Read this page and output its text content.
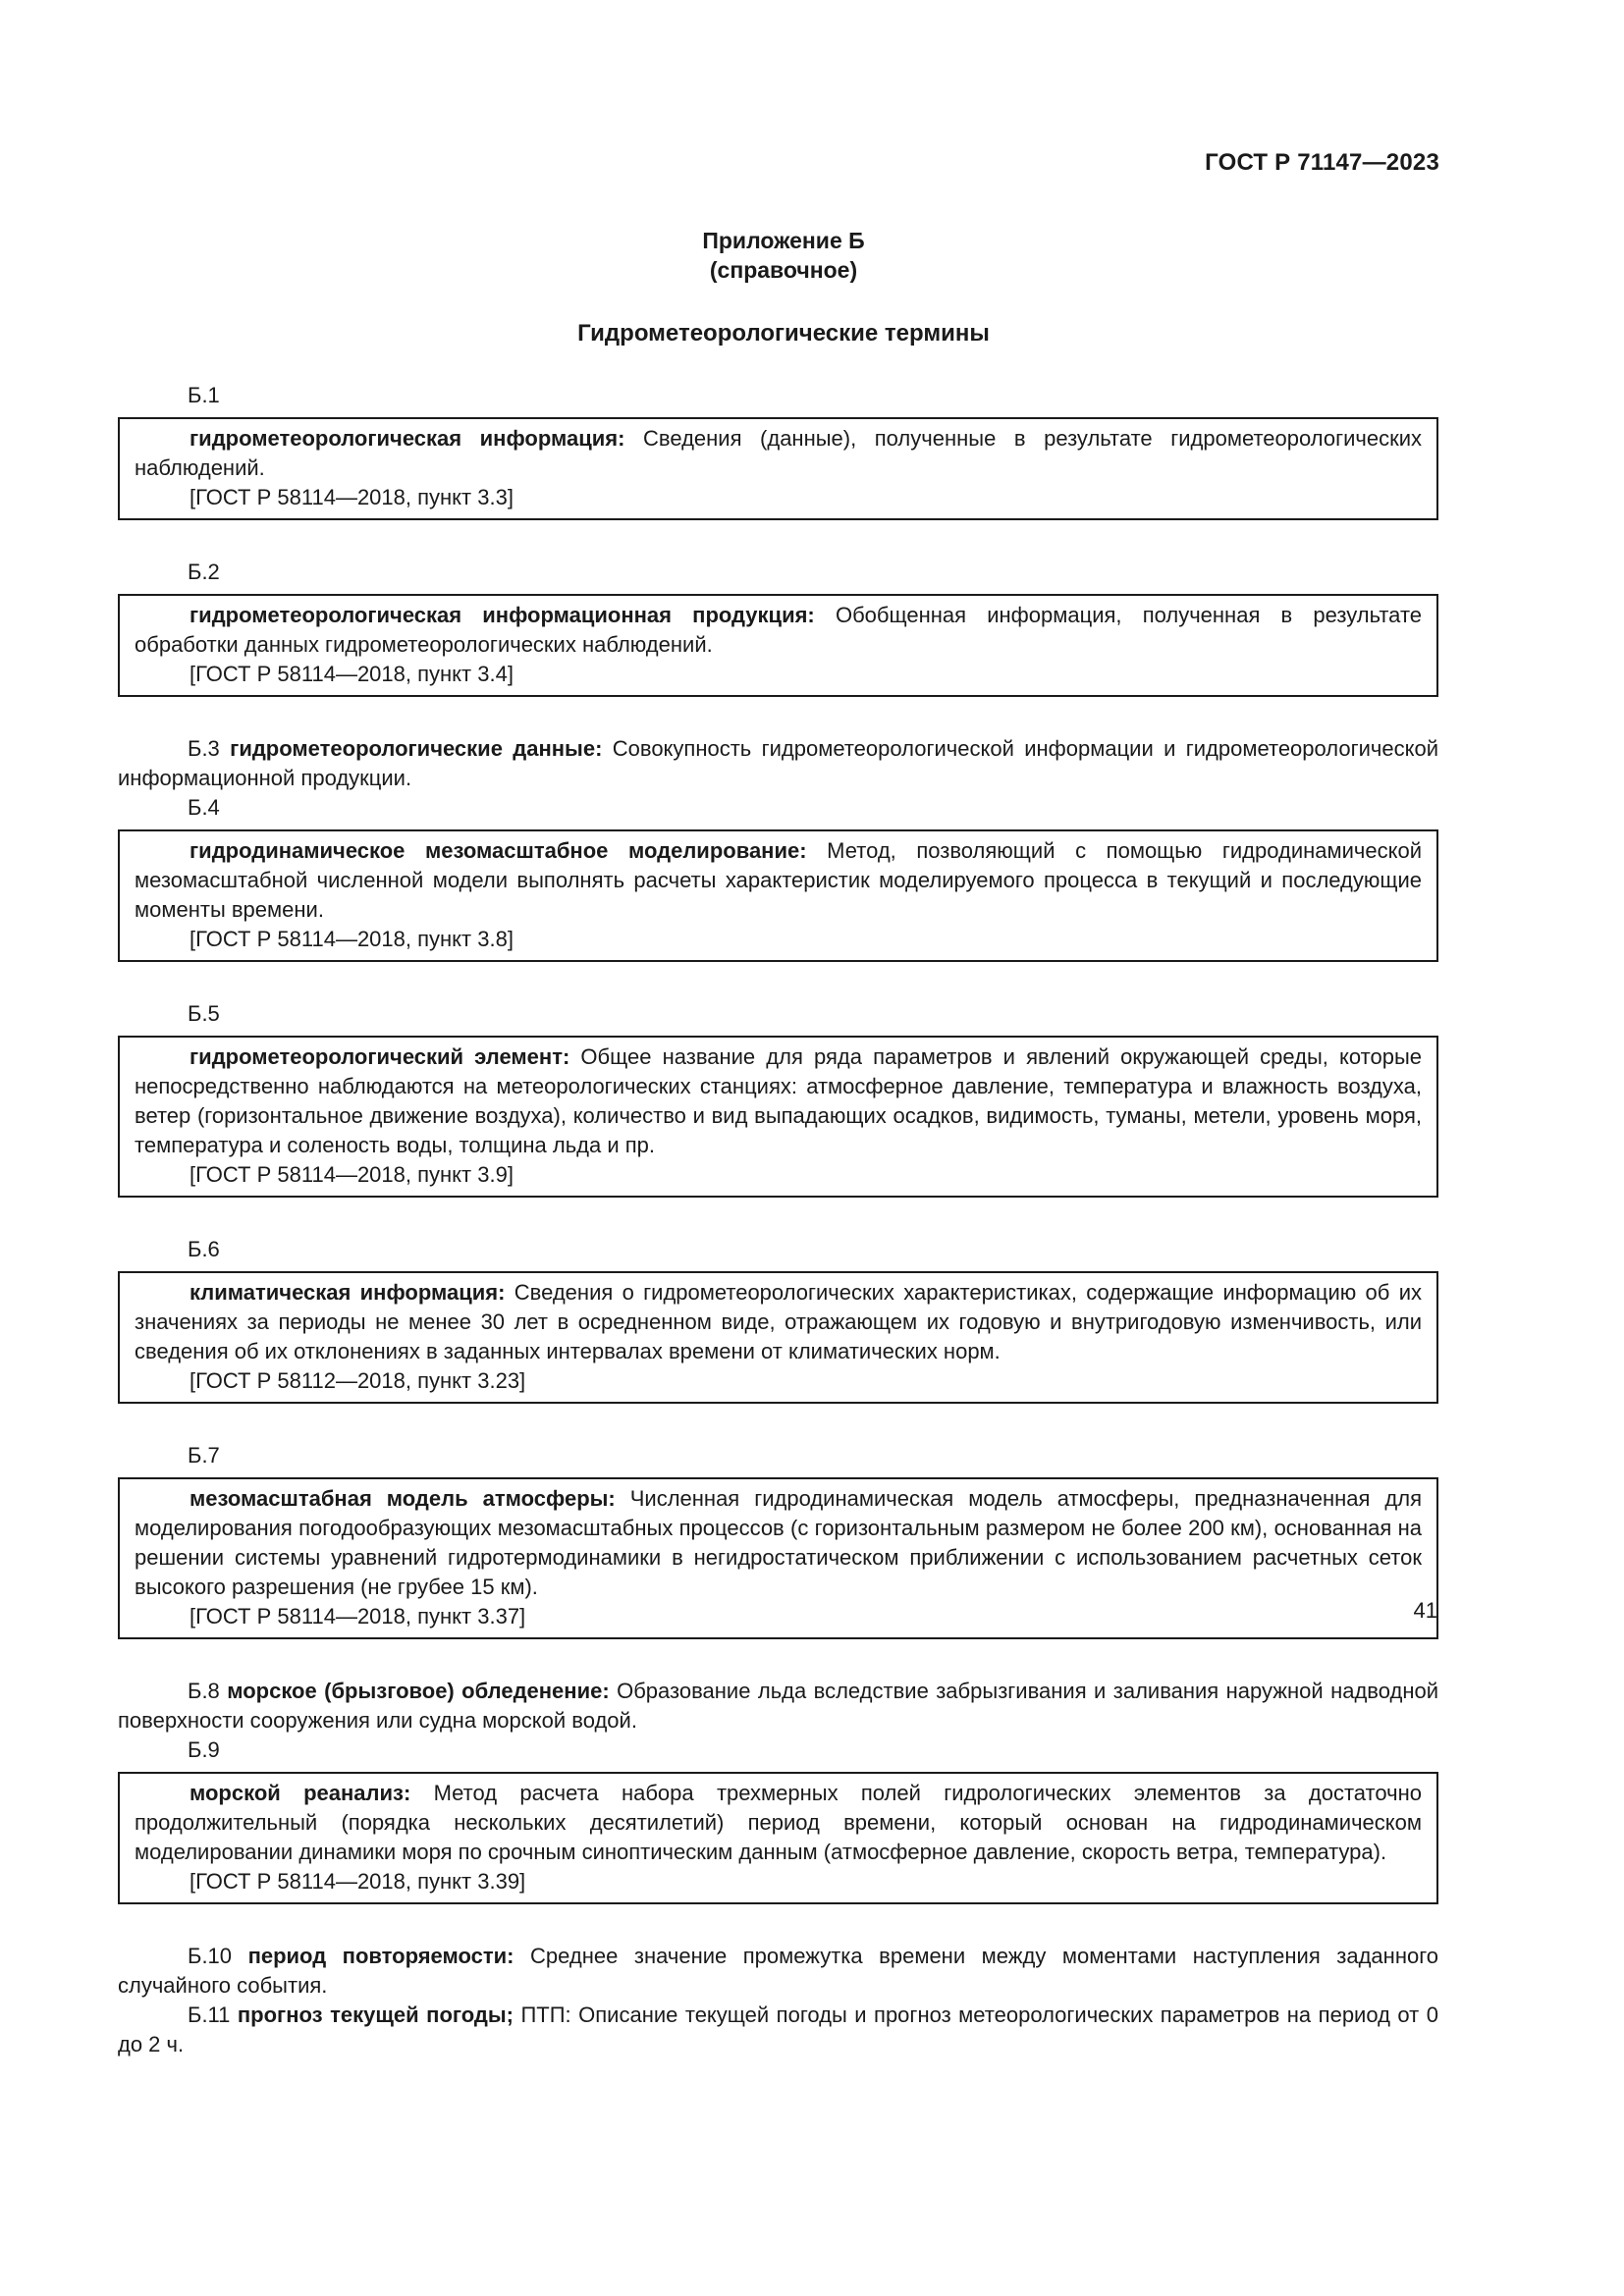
ГОСТ Р 71147—2023
Приложение Б
(справочное)
Гидрометеорологические термины
Б.1

гидрометеорологическая информация: Сведения (данные), полученные в результате гидрометеорологических наблюдений.

[ГОСТ Р 58114—2018, пункт 3.3]
Б.2

гидрометеорологическая информационная продукция: Обобщенная информация, полученная в результате обработки данных гидрометеорологических наблюдений.

[ГОСТ Р 58114—2018, пункт 3.4]

Б.3 гидрометеорологические данные: Совокупность гидрометеорологической информации и гидрометеорологической информационной продукции.

Б.4

гидродинамическое мезомасштабное моделирование: Метод, позволяющий с помощью гидродинамической мезомасштабной численной модели выполнять расчеты характеристик моделируемого процесса в текущий и последующие моменты времени.

[ГОСТ Р 58114—2018, пункт 3.8]
Б.5

гидрометеорологический элемент: Общее название для ряда параметров и явлений окружающей среды, которые непосредственно наблюдаются на метеорологических станциях: атмосферное давление, температура и влажность воздуха, ветер (горизонтальное движение воздуха), количество и вид выпадающих осадков, видимость, туманы, метели, уровень моря, температура и соленость воды, толщина льда и пр.

[ГОСТ Р 58114—2018, пункт 3.9]
Б.6

климатическая информация: Сведения о гидрометеорологических характеристиках, содержащие информацию об их значениях за периоды не менее 30 лет в осредненном виде, отражающем их годовую и внутригодовую изменчивость, или сведения об их отклонениях в заданных интервалах времени от климатических норм.

[ГОСТ Р 58112—2018, пункт 3.23]
Б.7

мезомасштабная модель атмосферы: Численная гидродинамическая модель атмосферы, предназначенная для моделирования погодообразующих мезомасштабных процессов (с горизонтальным размером не более 200 км), основанная на решении системы уравнений гидротермодинамики в негидростатическом приближении с использованием расчетных сеток высокого разрешения (не грубее 15 км).

[ГОСТ Р 58114—2018, пункт 3.37]

Б.8 морское (брызговое) обледенение: Образование льда вследствие забрызгивания и заливания наружной надводной поверхности сооружения или судна морской водой.

Б.9

морской реанализ: Метод расчета набора трехмерных полей гидрологических элементов за достаточно продолжительный (порядка нескольких десятилетий) период времени, который основан на гидродинамическом моделировании динамики моря по срочным синоптическим данным (атмосферное давление, скорость ветра, температура).

[ГОСТ Р 58114—2018, пункт 3.39]

Б.10 период повторяемости: Среднее значение промежутка времени между моментами наступления заданного случайного события.

Б.11 прогноз текущей погоды; ПТП: Описание текущей погоды и прогноз метеорологических параметров на период от 0 до 2 ч.

41
